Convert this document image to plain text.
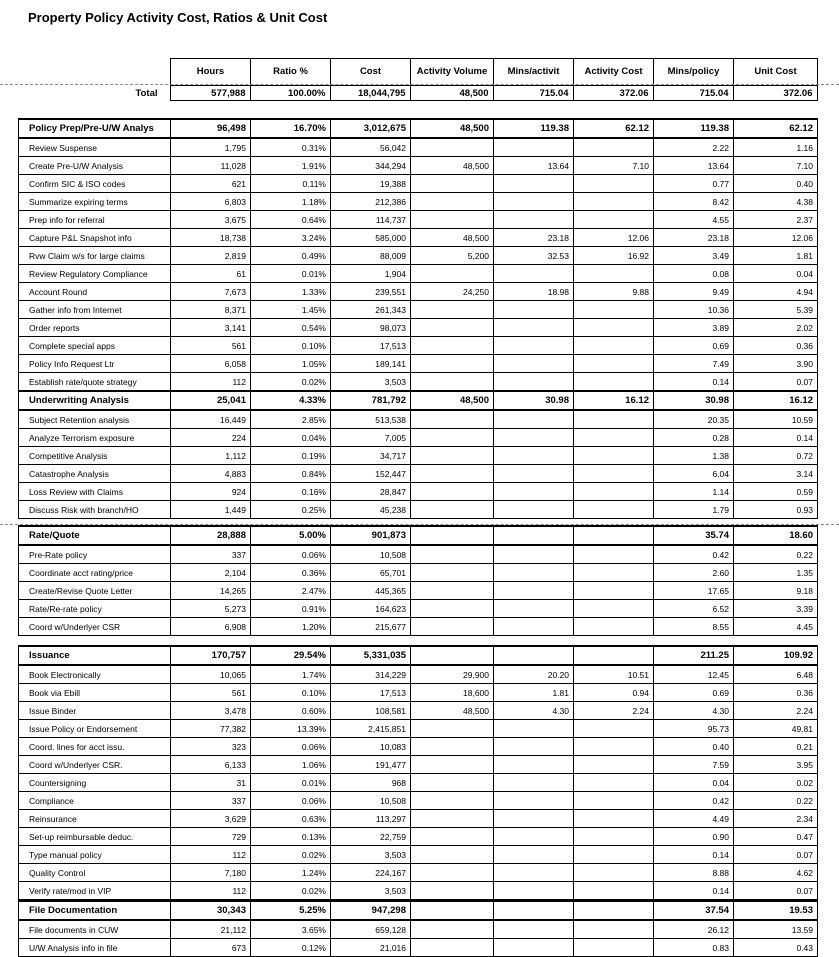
Property Policy Activity Cost, Ratios & Unit Cost
Hours	Ratio %	Cost	Activity Volume	Mins/activit	Activity Cost	Mins/policy	Unit Cost
Total	577,988	100.00%	18,044,795	48,500	715.04	372.06	715.04	372.06
Policy Prep/Pre-U/W Analys	96,498	16.70%	3,012,675	48,500	119.38	62.12	119.38	62.12
Review Suspense	1,795	0.31%	56,042				2.22	1.16
Create Pre-U/W Analysis	11,028	1.91%	344,294	48,500	13.64	7.10	13.64	7.10
Confirm SIC & ISO codes	621	0.11%	19,388				0.77	0.40
Summarize expiring terms	6,803	1.18%	212,386				8.42	4.38
Prep info for referral	3,675	0.64%	114,737				4.55	2.37
Capture P&L Snapshot info	18,738	3.24%	585,000	48,500	23.18	12.06	23.18	12.06
Rvw Claim w/s for large claims	2,819	0.49%	88,009	5,200	32.53	16.92	3.49	1.81
Review Regulatory Compliance	61	0.01%	1,904				0.08	0.04
Account Round	7,673	1.33%	239,551	24,250	18.98	9.88	9.49	4.94
Gather info from Internet	8,371	1.45%	261,343				10.36	5.39
Order reports	3,141	0.54%	98,073				3.89	2.02
Complete special apps	561	0.10%	17,513				0.69	0.36
Policy Info Request Ltr	6,058	1.05%	189,141				7.49	3.90
Establish rate/quote strategy	112	0.02%	3,503				0.14	0.07
Underwriting Analysis	25,041	4.33%	781,792	48,500	30.98	16.12	30.98	16.12
Subject Retention analysis	16,449	2.85%	513,538				20.35	10.59
Analyze Terrorism exposure	224	0.04%	7,005				0.28	0.14
Competitive Analysis	1,112	0.19%	34,717				1.38	0.72
Catastrophe Analysis	4,883	0.84%	152,447				6.04	3.14
Loss Review with Claims	924	0.16%	28,847				1.14	0.59
Discuss Risk with branch/HO	1,449	0.25%	45,238				1.79	0.93
Rate/Quote	28,888	5.00%	901,873				35.74	18.60
Pre-Rate policy	337	0.06%	10,508				0.42	0.22
Coordinate acct rating/price	2,104	0.36%	65,701				2.60	1.35
Create/Revise Quote Letter	14,265	2.47%	445,365				17.65	9.18
Rate/Re-rate policy	5,273	0.91%	164,623				6.52	3.39
Coord w/Underlyer CSR	6,908	1.20%	215,677				8.55	4.45
Issuance	170,757	29.54%	5,331,035				211.25	109.92
Book Electronically	10,065	1.74%	314,229	29,900	20.20	10.51	12.45	6.48
Book via Ebill	561	0.10%	17,513	18,600	1.81	0.94	0.69	0.36
Issue Binder	3,478	0.60%	108,581	48,500	4.30	2.24	4.30	2.24
Issue Policy or Endorsement	77,382	13.39%	2,415,851				95.73	49.81
Coord. lines for acct issu.	323	0.06%	10,083				0.40	0.21
Coord w/Underlyer CSR.	6,133	1.06%	191,477				7.59	3.95
Countersigning	31	0.01%	968				0.04	0.02
Compliance	337	0.06%	10,508				0.42	0.22
Reinsurance	3,629	0.63%	113,297				4.49	2.34
Set-up reimbursable deduc.	729	0.13%	22,759				0.90	0.47
Type manual policy	112	0.02%	3,503				0.14	0.07
Quality Control	7,180	1.24%	224,167				8.88	4.62
Verify rate/mod in VIP	112	0.02%	3,503				0.14	0.07
File Documentation	30,343	5.25%	947,298				37.54	19.53
File documents in CUW	21,112	3.65%	659,128				26.12	13.59
U/W Analysis info in file	673	0.12%	21,016				0.83	0.43
